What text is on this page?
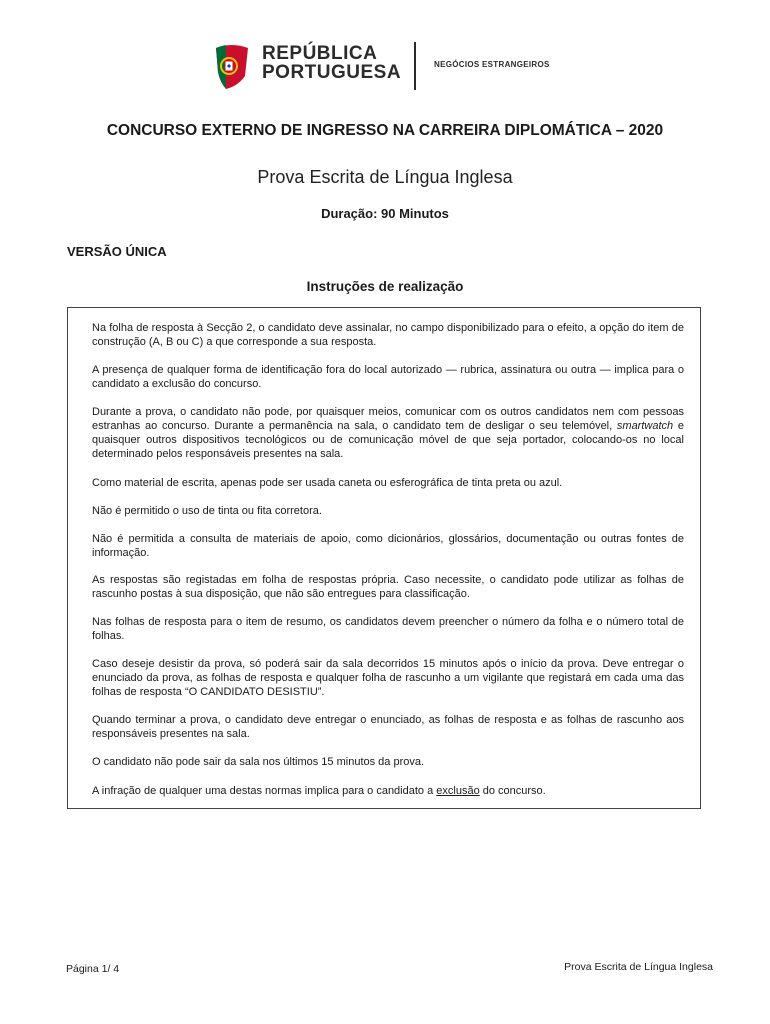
REPÚBLICA
PORTUGUESA	NEGÓCIOS ESTRANGEIROS
CONCURSO EXTERNO DE INGRESSO NA CARREIRA DIPLOMÁTICA – 2020
Prova Escrita de Língua Inglesa
Duração: 90 Minutos
VERSÃO ÚNICA
Instruções de realização
Na folha de resposta à Secção 2, o candidato deve assinalar, no campo disponibilizado para o efeito, a opção do item de construção (A, B ou C) a que corresponde a sua resposta.
A presença de qualquer forma de identificação fora do local autorizado — rubrica, assinatura ou outra — implica para o candidato a exclusão do concurso.
Durante a prova, o candidato não pode, por quaisquer meios, comunicar com os outros candidatos nem com pessoas estranhas ao concurso. Durante a permanência na sala, o candidato tem de desligar o seu telemóvel, smartwatch e quaisquer outros dispositivos tecnológicos ou de comunicação móvel de que seja portador, colocando-os no local determinado pelos responsáveis presentes na sala.
Como material de escrita, apenas pode ser usada caneta ou esferográfica de tinta preta ou azul.
Não é permitido o uso de tinta ou fita corretora.
Não é permitida a consulta de materiais de apoio, como dicionários, glossários, documentação ou outras fontes de informação.
As respostas são registadas em folha de respostas própria. Caso necessite, o candidato pode utilizar as folhas de rascunho postas à sua disposição, que não são entregues para classificação.
Nas folhas de resposta para o item de resumo, os candidatos devem preencher o número da folha e o número total de folhas.
Caso deseje desistir da prova, só poderá sair da sala decorridos 15 minutos após o início da prova. Deve entregar o enunciado da prova, as folhas de resposta e qualquer folha de rascunho a um vigilante que registará em cada uma das folhas de resposta “O CANDIDATO DESISTIU”.
Quando terminar a prova, o candidato deve entregar o enunciado, as folhas de resposta e as folhas de rascunho aos responsáveis presentes na sala.
O candidato não pode sair da sala nos últimos 15 minutos da prova.
A infração de qualquer uma destas normas implica para o candidato a exclusão do concurso.
Página 1/ 4	Prova Escrita de Língua Inglesa
